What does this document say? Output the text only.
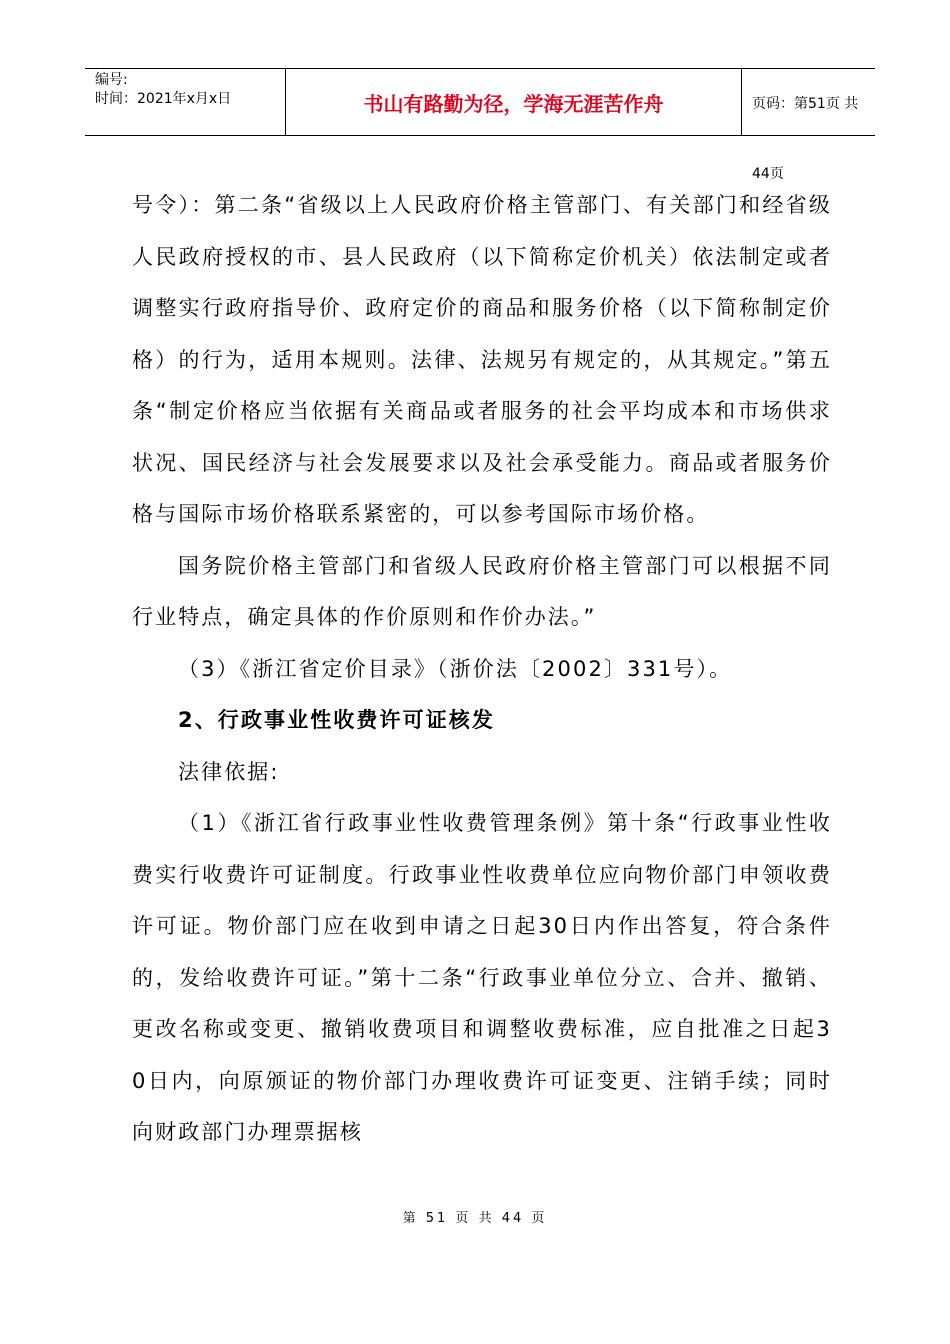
编号:
时间：2021年x月x日	书山有路勤为径，学海无涯苦作舟	页码：第51页 共44页

号令）：第二条“省级以上人民政府价格主管部门、有关部门和经省级人民政府授权的市、县人民政府（以下简称定价机关）依法制定或者调整实行政府指导价、政府定价的商品和服务价格（以下简称制定价格）的行为，适用本规则。法律、法规另有规定的，从其规定。”第五条“制定价格应当依据有关商品或者服务的社会平均成本和市场供求状况、国民经济与社会发展要求以及社会承受能力。商品或者服务价格与国际市场价格联系紧密的，可以参考国际市场价格。

国务院价格主管部门和省级人民政府价格主管部门可以根据不同行业特点，确定具体的作价原则和作价办法。”

（3）《浙江省定价目录》（浙价法〔2002〕331号）。

2、行政事业性收费许可证核发

法律依据:

（1）《浙江省行政事业性收费管理条例》第十条“行政事业性收费实行收费许可证制度。行政事业性收费单位应向物价部门申领收费许可证。物价部门应在收到申请之日起30日内作出答复，符合条件的，发给收费许可证。”第十二条“行政事业单位分立、合并、撤销、更改名称或变更、撤销收费项目和调整收费标准，应自批准之日起30日内，向原颁证的物价部门办理收费许可证变更、注销手续；同时向财政部门办理票据核

第 51 页 共 44 页
